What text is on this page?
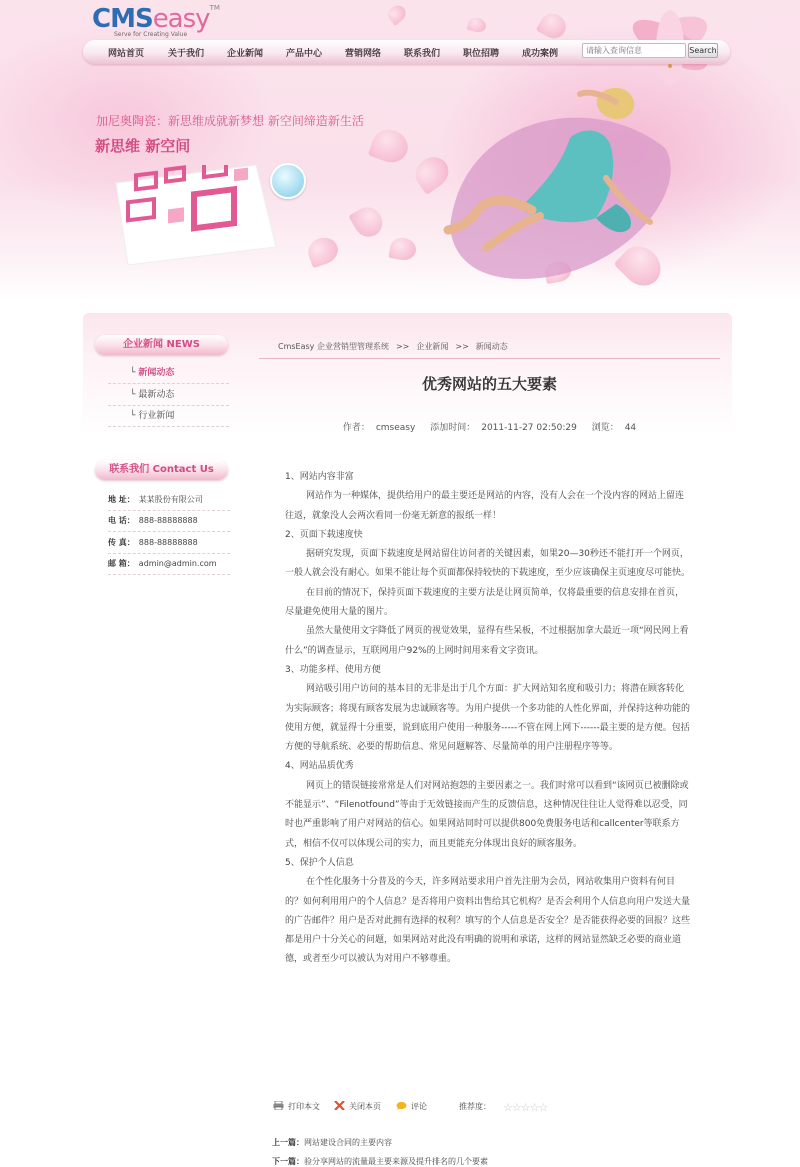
CMSeasy™
Serve for Creating Value
网站首页	关于我们	企业新闻	产品中心	营销网络	联系我们	职位招聘	成功案例
请输入查询信息	Search
加尼奥陶瓷：新思维成就新梦想 新空间缔造新生活
新思维 新空间
企业新闻 NEWS
└ 新闻动态
└ 最新动态
└ 行业新闻
联系我们 Contact Us
地 址： 某某股份有限公司
电 话： 888-88888888
传 真： 888-88888888
邮 箱： admin@admin.com
CmsEasy 企业营销型管理系统 >> 企业新闻 >> 新闻动态
优秀网站的五大要素
作者： cmseasy 添加时间： 2011-11-27 02:50:29 浏览： 44

1、网站内容非富

网站作为一种媒体，提供给用户的最主要还是网站的内容，没有人会在一个没内容的网站上留连往返，就象没人会两次看同一份毫无新意的报纸一样！

2、页面下载速度快

据研究发现，页面下载速度是网站留住访问者的关键因素，如果20—30秒还不能打开一个网页，一般人就会没有耐心。如果不能让每个页面都保持较快的下载速度，至少应该确保主页速度尽可能快。

在目前的情况下，保持页面下载速度的主要方法是让网页简单，仅将最重要的信息安排在首页，尽量避免使用大量的图片。

虽然大量使用文字降低了网页的视觉效果，显得有些呆板，不过根据加拿大最近一项“网民网上看什么”的调查显示，互联网用户92%的上网时间用来看文字资讯。

3、功能多样、使用方便

网站吸引用户访问的基本目的无非是出于几个方面：扩大网站知名度和吸引力；将潜在顾客转化为实际顾客；将现有顾客发展为忠诚顾客等。为用户提供一个多功能的人性化界面，并保持这种功能的使用方便，就显得十分重要，说到底用户使用一种服务-----不管在网上网下------最主要的是方便。包括方便的导航系统、必要的帮助信息、常见问题解答、尽量简单的用户注册程序等等。

4、网站品质优秀

网页上的错误链接常常是人们对网站抱怨的主要因素之一。我们时常可以看到“该网页已被删除或不能显示”、“Filenotfound”等由于无效链接而产生的反馈信息，这种情况往往让人觉得难以忍受，同时也严重影响了用户对网站的信心。如果网站同时可以提供800免费服务电话和callcenter等联系方式，相信不仅可以体现公司的实力，而且更能充分体现出良好的顾客服务。

5、保护个人信息

在个性化服务十分普及的今天，许多网站要求用户首先注册为会员，网站收集用户资料有何目的？如何利用用户的个人信息？是否将用户资料出售给其它机构？是否会利用个人信息向用户发送大量的广告邮件？用户是否对此拥有选择的权利？填写的个人信息是否安全？是否能获得必要的回报？这些都是用户十分关心的问题，如果网站对此没有明确的说明和承诺，这样的网站显然缺乏必要的商业道德，或者至少可以被认为对用户不够尊重。

打印本文	关闭本页	评论	推荐度： ☆☆☆☆☆
上一篇：网站建设合同的主要内容
下一篇：验分享网站的流量最主要来源及提升排名的几个要素
